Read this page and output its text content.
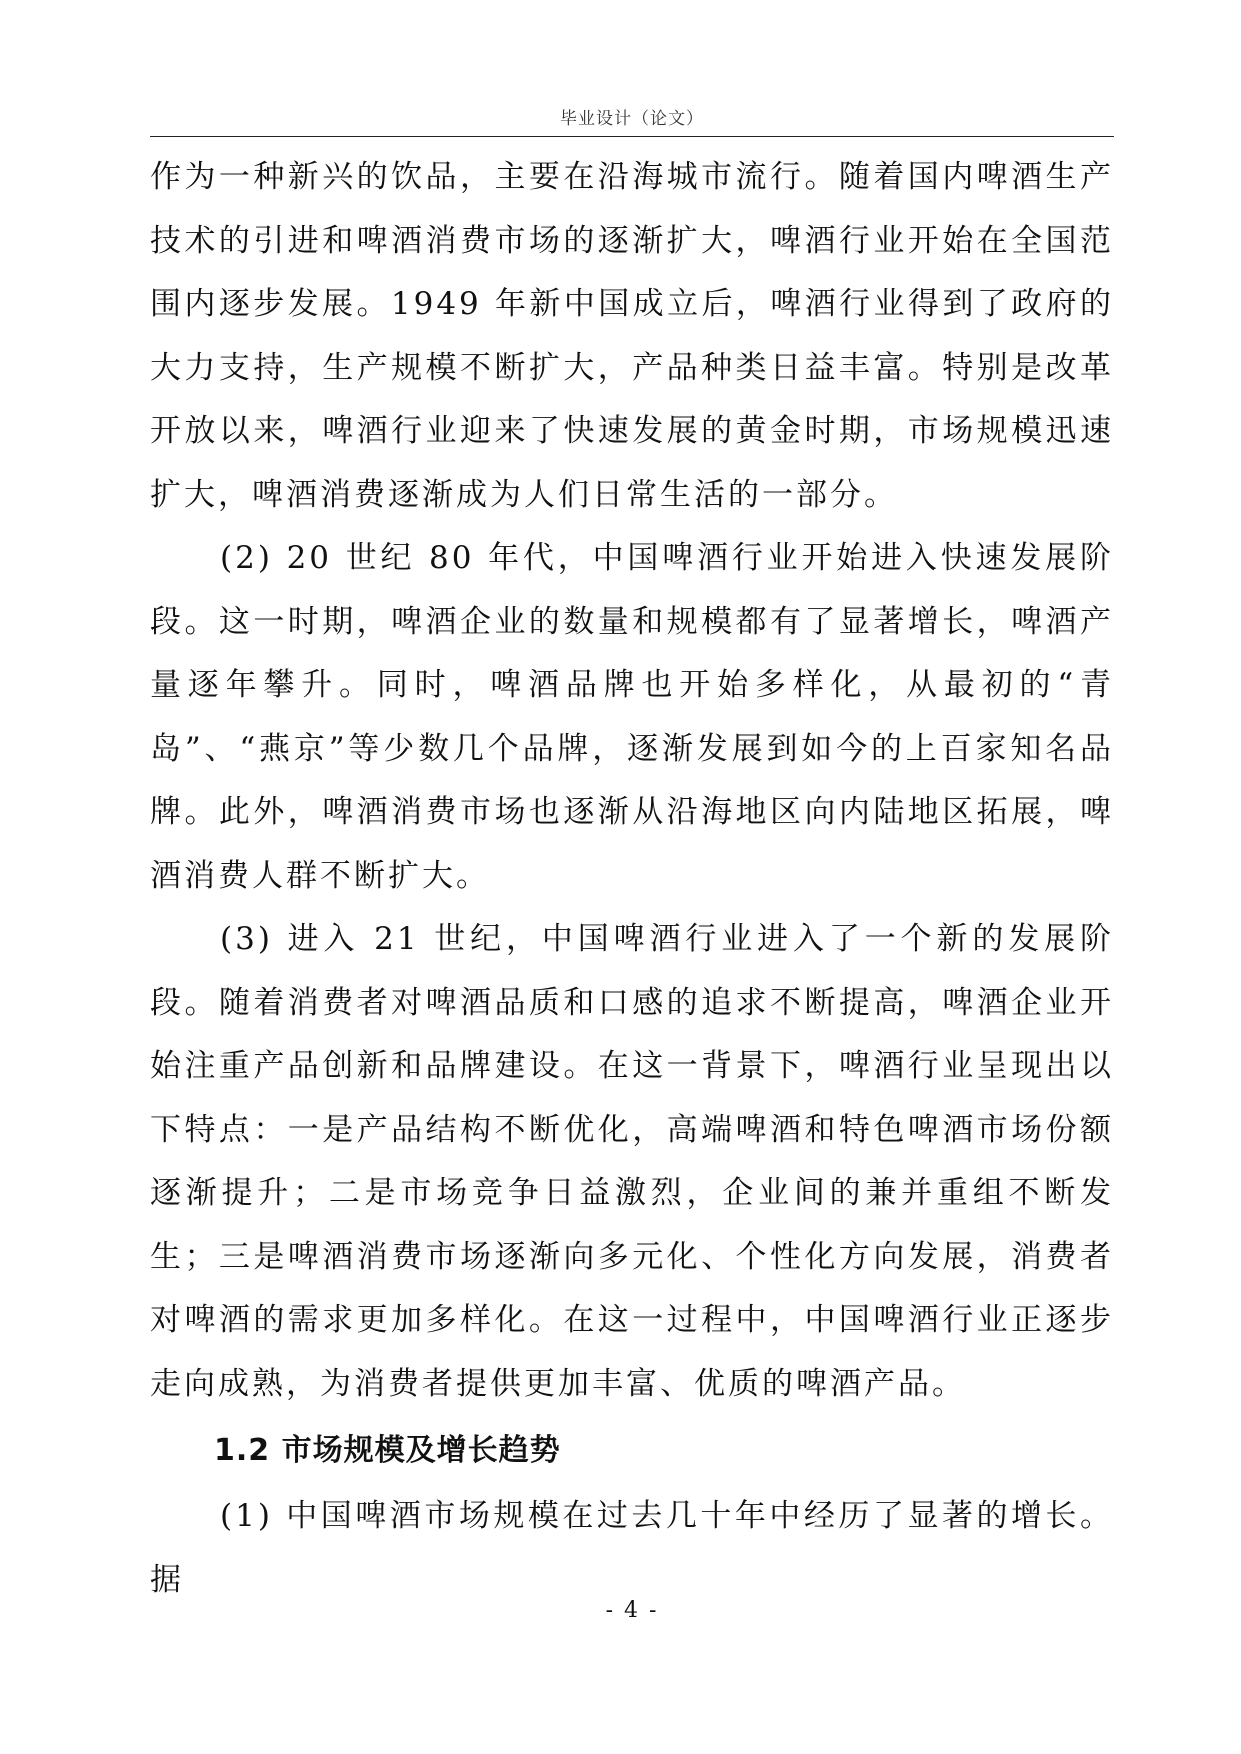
毕业设计（论文）

作为一种新兴的饮品，主要在沿海城市流行。随着国内啤酒生产技术的引进和啤酒消费市场的逐渐扩大，啤酒行业开始在全国范围内逐步发展。1949 年新中国成立后，啤酒行业得到了政府的大力支持，生产规模不断扩大，产品种类日益丰富。特别是改革开放以来，啤酒行业迎来了快速发展的黄金时期，市场规模迅速扩大，啤酒消费逐渐成为人们日常生活的一部分。

(2) 20 世纪 80 年代，中国啤酒行业开始进入快速发展阶段。这一时期，啤酒企业的数量和规模都有了显著增长，啤酒产量逐年攀升。同时，啤酒品牌也开始多样化，从最初的“青岛”、“燕京”等少数几个品牌，逐渐发展到如今的上百家知名品牌。此外，啤酒消费市场也逐渐从沿海地区向内陆地区拓展，啤酒消费人群不断扩大。

(3) 进入 21 世纪，中国啤酒行业进入了一个新的发展阶段。随着消费者对啤酒品质和口感的追求不断提高，啤酒企业开始注重产品创新和品牌建设。在这一背景下，啤酒行业呈现出以下特点：一是产品结构不断优化，高端啤酒和特色啤酒市场份额逐渐提升；二是市场竞争日益激烈，企业间的兼并重组不断发生；三是啤酒消费市场逐渐向多元化、个性化方向发展，消费者对啤酒的需求更加多样化。在这一过程中，中国啤酒行业正逐步走向成熟，为消费者提供更加丰富、优质的啤酒产品。

1.2 市场规模及增长趋势

(1) 中国啤酒市场规模在过去几十年中经历了显著的增长。据

- 4 -
